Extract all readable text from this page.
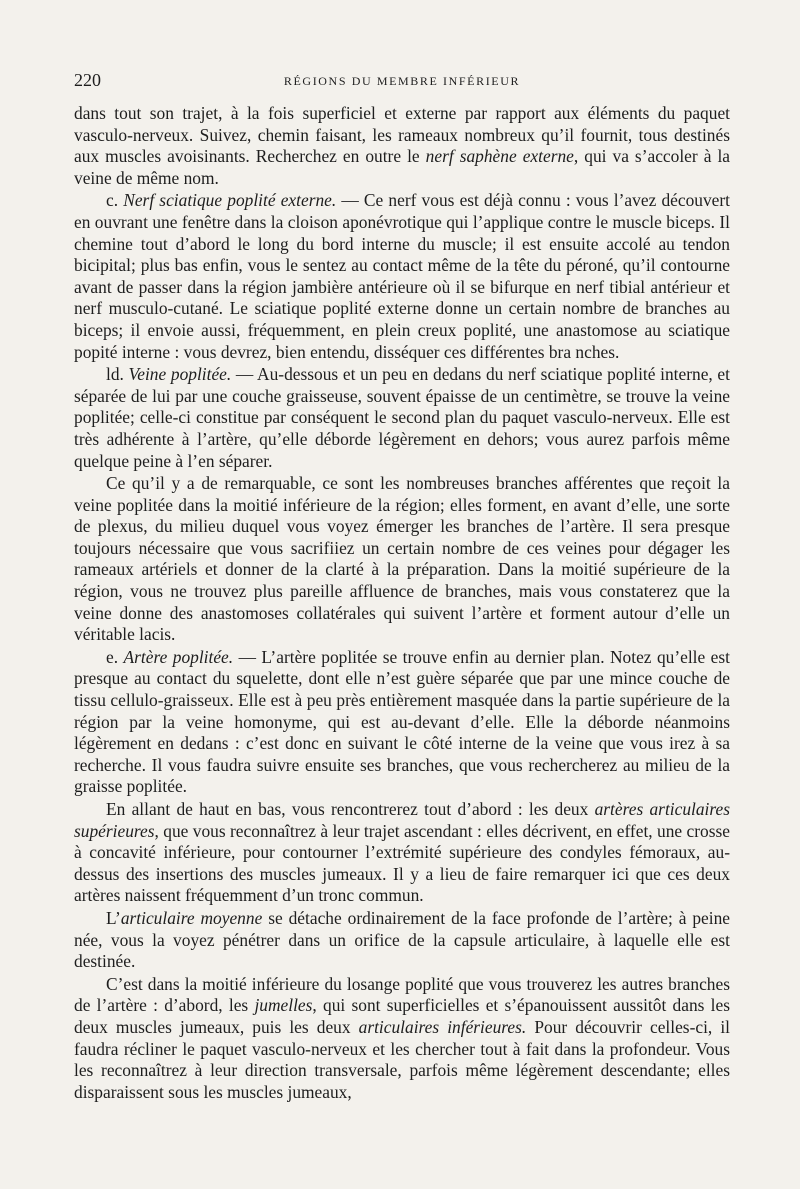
220	RÉGIONS DU MEMBRE INFÉRIEUR

dans tout son trajet, à la fois superficiel et externe par rapport aux éléments du paquet vasculo-nerveux. Suivez, chemin faisant, les rameaux nombreux qu’il fournit, tous destinés aux muscles avoisinants. Recherchez en outre le nerf saphène externe, qui va s’accoler à la veine de même nom.

c. Nerf sciatique poplité externe. — Ce nerf vous est déjà connu : vous l’avez découvert en ouvrant une fenêtre dans la cloison aponévrotique qui l’applique contre le muscle biceps. Il chemine tout d’abord le long du bord interne du muscle; il est ensuite accolé au tendon bicipital; plus bas enfin, vous le sentez au contact même de la tête du péroné, qu’il contourne avant de passer dans la région jambière antérieure où il se bifurque en nerf tibial antérieur et nerf musculo-cutané. Le sciatique poplité externe donne un certain nombre de branches au biceps; il envoie aussi, fréquemment, en plein creux poplité, une anastomose au sciatique popité interne : vous devrez, bien entendu, disséquer ces différentes bra nches.

ld. Veine poplitée. — Au-dessous et un peu en dedans du nerf sciatique poplité interne, et séparée de lui par une couche graisseuse, souvent épaisse de un centimètre, se trouve la veine poplitée; celle-ci constitue par conséquent le second plan du paquet vasculo-nerveux. Elle est très adhérente à l’artère, qu’elle déborde légèrement en dehors; vous aurez parfois même quelque peine à l’en séparer.

Ce qu’il y a de remarquable, ce sont les nombreuses branches afférentes que reçoit la veine poplitée dans la moitié inférieure de la région; elles forment, en avant d’elle, une sorte de plexus, du milieu duquel vous voyez émerger les branches de l’artère. Il sera presque toujours nécessaire que vous sacrifiiez un certain nombre de ces veines pour dégager les rameaux artériels et donner de la clarté à la préparation. Dans la moitié supérieure de la région, vous ne trouvez plus pareille affluence de branches, mais vous constaterez que la veine donne des anastomoses collatérales qui suivent l’artère et forment autour d’elle un véritable lacis.

e. Artère poplitée. — L’artère poplitée se trouve enfin au dernier plan. Notez qu’elle est presque au contact du squelette, dont elle n’est guère séparée que par une mince couche de tissu cellulo-graisseux. Elle est à peu près entièrement masquée dans la partie supérieure de la région par la veine homonyme, qui est au-devant d’elle. Elle la déborde néanmoins légèrement en dedans : c’est donc en suivant le côté interne de la veine que vous irez à sa recherche. Il vous faudra suivre ensuite ses branches, que vous rechercherez au milieu de la graisse poplitée.

En allant de haut en bas, vous rencontrerez tout d’abord : les deux artères articulaires supérieures, que vous reconnaîtrez à leur trajet ascendant : elles décrivent, en effet, une crosse à concavité inférieure, pour contourner l’extrémité supérieure des condyles fémoraux, au-dessus des insertions des muscles jumeaux. Il y a lieu de faire remarquer ici que ces deux artères naissent fréquemment d’un tronc commun.

L’articulaire moyenne se détache ordinairement de la face profonde de l’artère; à peine née, vous la voyez pénétrer dans un orifice de la capsule articulaire, à laquelle elle est destinée.

C’est dans la moitié inférieure du losange poplité que vous trouverez les autres branches de l’artère : d’abord, les jumelles, qui sont superficielles et s’épanouissent aussitôt dans les deux muscles jumeaux, puis les deux articulaires inférieures. Pour découvrir celles-ci, il faudra récliner le paquet vasculo-nerveux et les chercher tout à fait dans la profondeur. Vous les reconnaîtrez à leur direction transversale, parfois même légèrement descendante; elles disparaissent sous les muscles jumeaux,
